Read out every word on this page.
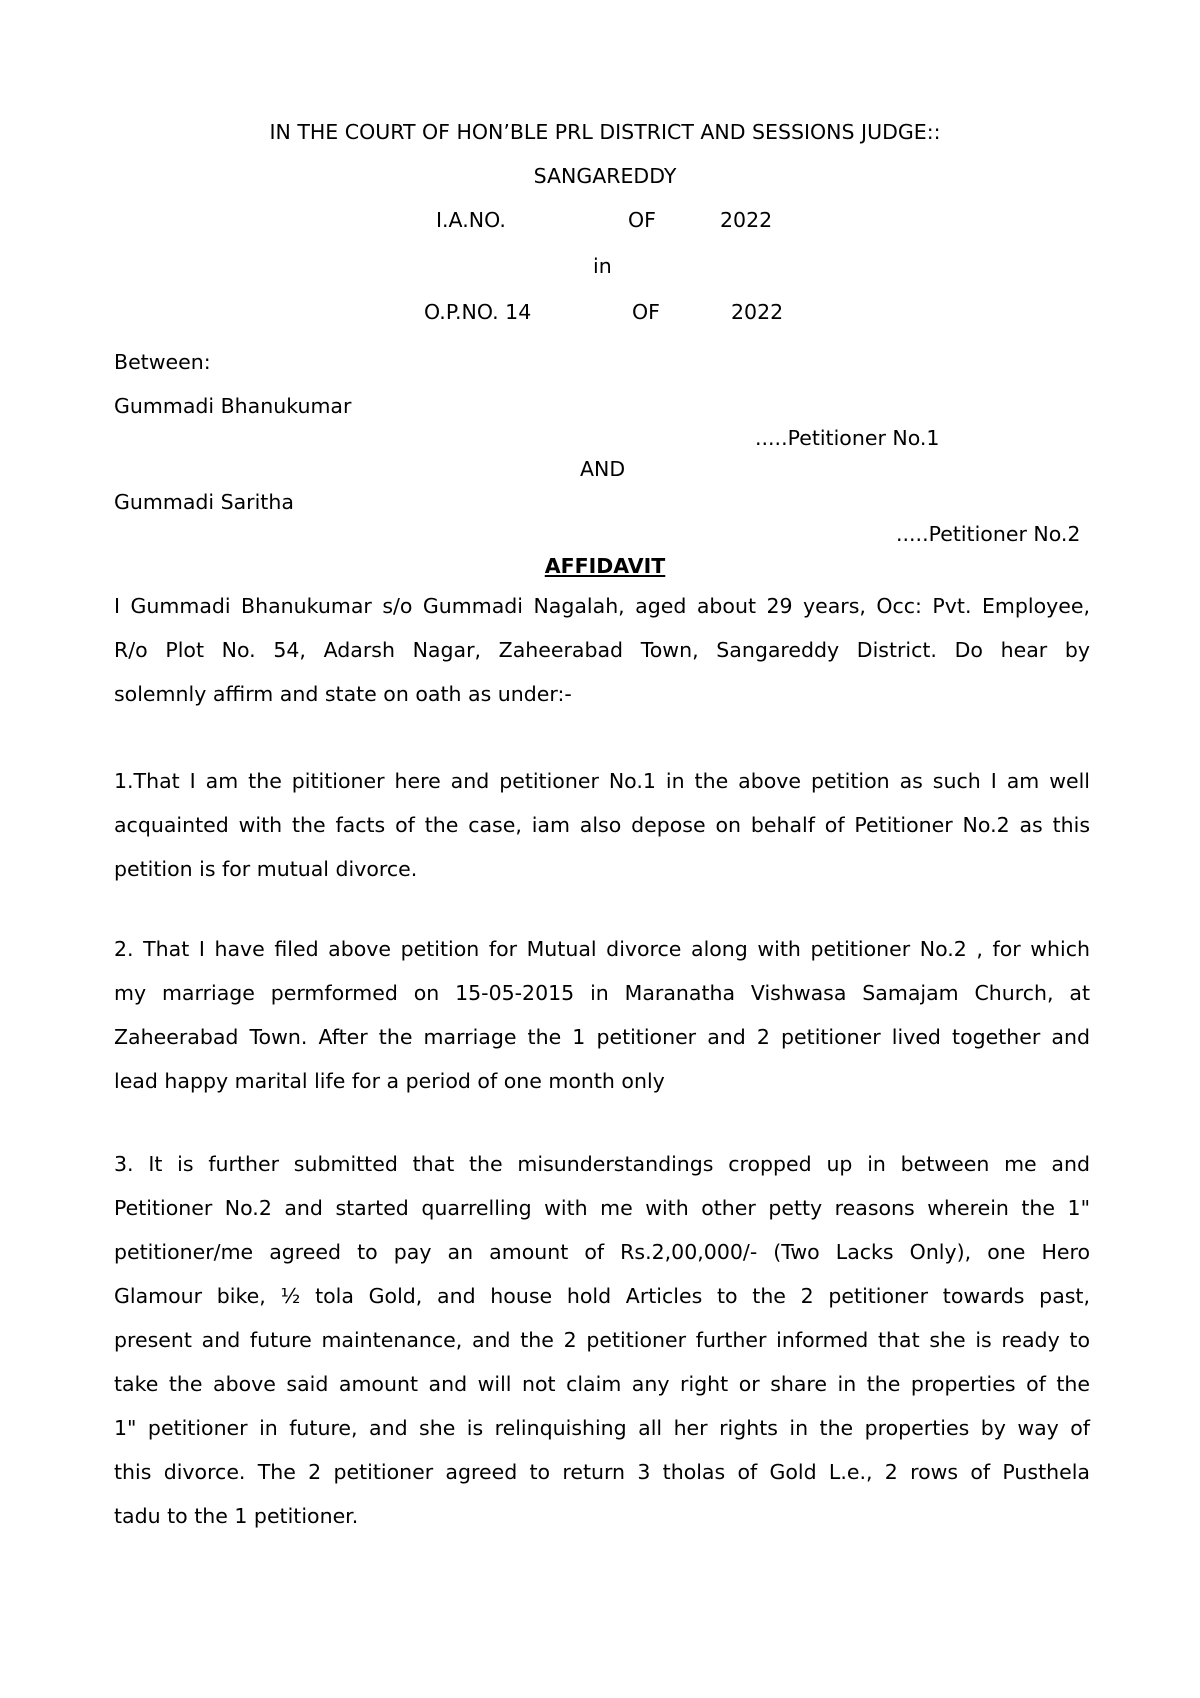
IN THE COURT OF HON’BLE PRL DISTRICT AND SESSIONS JUDGE::
SANGAREDDY
I.A.NO.	OF	2022
in
O.P.NO. 14	OF	2022
Between:
Gummadi Bhanukumar
.....Petitioner No.1
AND
Gummadi Saritha
.....Petitioner No.2
AFFIDAVIT
I Gummadi Bhanukumar s/o Gummadi Nagalah, aged about 29 years, Occ: Pvt. Employee,
R/o Plot No. 54, Adarsh Nagar, Zaheerabad Town, Sangareddy District. Do hear by
solemnly affirm and state on oath as under:-
1.That I am the pititioner here and petitioner No.1 in the above petition as such I am well
acquainted with the facts of the case, iam also depose on behalf of Petitioner No.2 as this
petition is for mutual divorce.
2. That I have filed above petition for Mutual divorce along with petitioner No.2 , for which
my marriage permformed on 15-05-2015 in Maranatha Vishwasa Samajam Church, at
Zaheerabad Town. After the marriage the 1 petitioner and 2 petitioner lived together and
lead happy marital life for a period of one month only
3. It is further submitted that the misunderstandings cropped up in between me and
Petitioner No.2 and started quarrelling with me with other petty reasons wherein the 1"
petitioner/me agreed to pay an amount of Rs.2,00,000/- (Two Lacks Only), one Hero
Glamour bike, ½ tola Gold, and house hold Articles to the 2 petitioner towards past,
present and future maintenance, and the 2 petitioner further informed that she is ready to
take the above said amount and will not claim any right or share in the properties of the
1" petitioner in future, and she is relinquishing all her rights in the properties by way of
this divorce. The 2 petitioner agreed to return 3 tholas of Gold L.e., 2 rows of Pusthela
tadu to the 1 petitioner.
